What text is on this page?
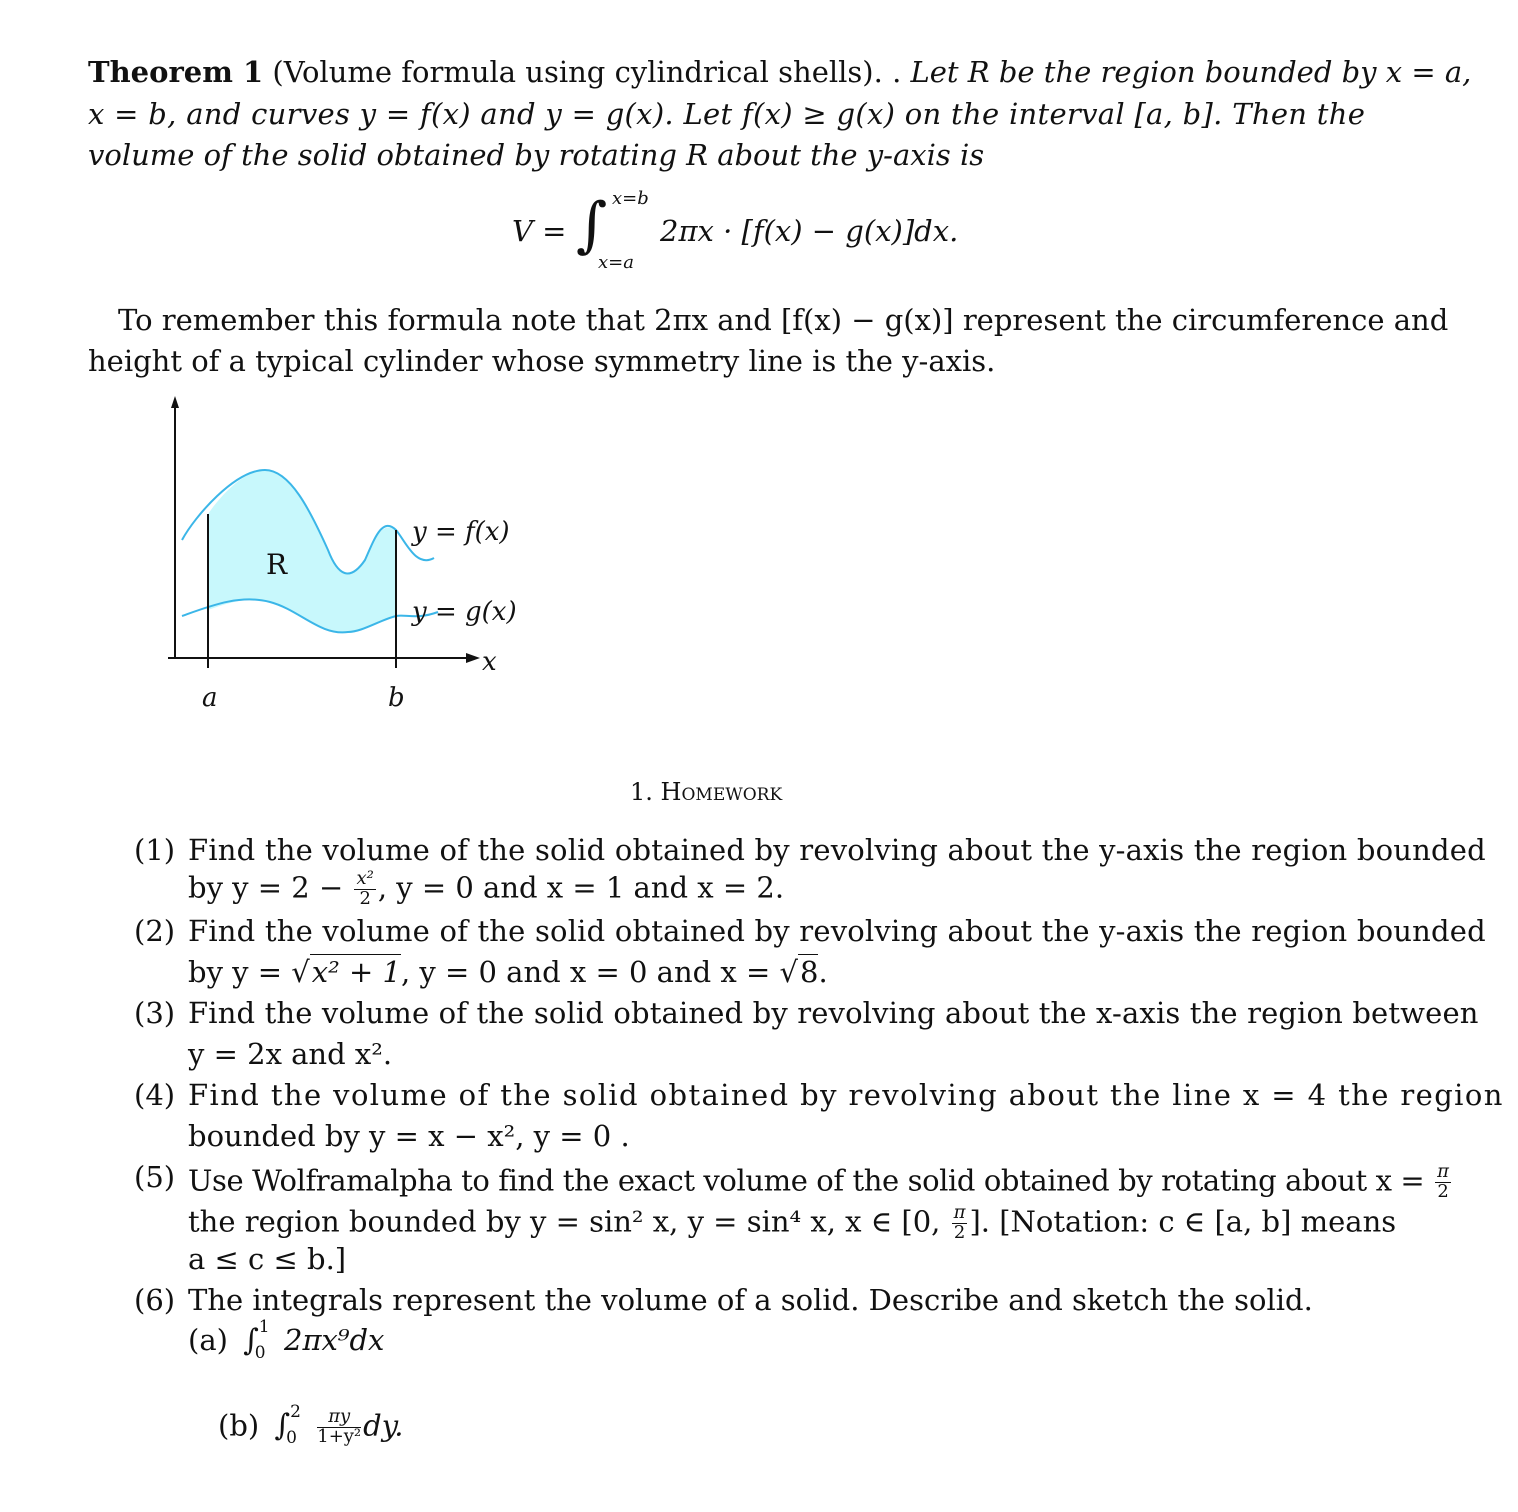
Theorem 1 (Volume formula using cylindrical shells). . Let R be the region bounded by x = a,
x = b, and curves y = f(x) and y = g(x). Let f(x) ≥ g(x) on the interval [a, b]. Then the
volume of the solid obtained by rotating R about the y-axis is
V = ∫ x=b
x=a
2πx · [f(x) − g(x)]dx.
To remember this formula note that 2πx and [f(x) − g(x)] represent the circumference and
height of a typical cylinder whose symmetry line is the y-axis.
R
y = f(x)
y = g(x)
x
a	b
1. Homework
(1) Find the volume of the solid obtained by revolving about the y-axis the region bounded
by $y = 2 - \frac{\text{x²}}{2}$ , y = 0 and x = 1 and x = 2.
(2) Find the volume of the solid obtained by revolving about the y-axis the region bounded
by y = √x² + 1, y = 0 and x = 0 and x = √8.
(3) Find the volume of the solid obtained by revolving about the x-axis the region between
y = 2x and x².
(4) Find the volume of the solid obtained by revolving about the line x = 4 the region
bounded by y = x − x², y = 0 .
(5) Use Wolframalpha to find the exact volume of the solid obtained by rotating about $x = \frac{\pi}{2}$
the region bounded by y = sin² x, y = sin⁴ x, x ∈ [0, $\frac{\pi}{2}$ ]. [Notation: c ∈ [a, b] means
a ≤ c ≤ b.]
(6) The integrals represent the volume of a solid. Describe and sketch the solid.
(a) ∫ 1
0 2πx⁹dx
(b) ∫ 2
0
$\frac{\pi y}{\text{1+y²}}$ dy.
